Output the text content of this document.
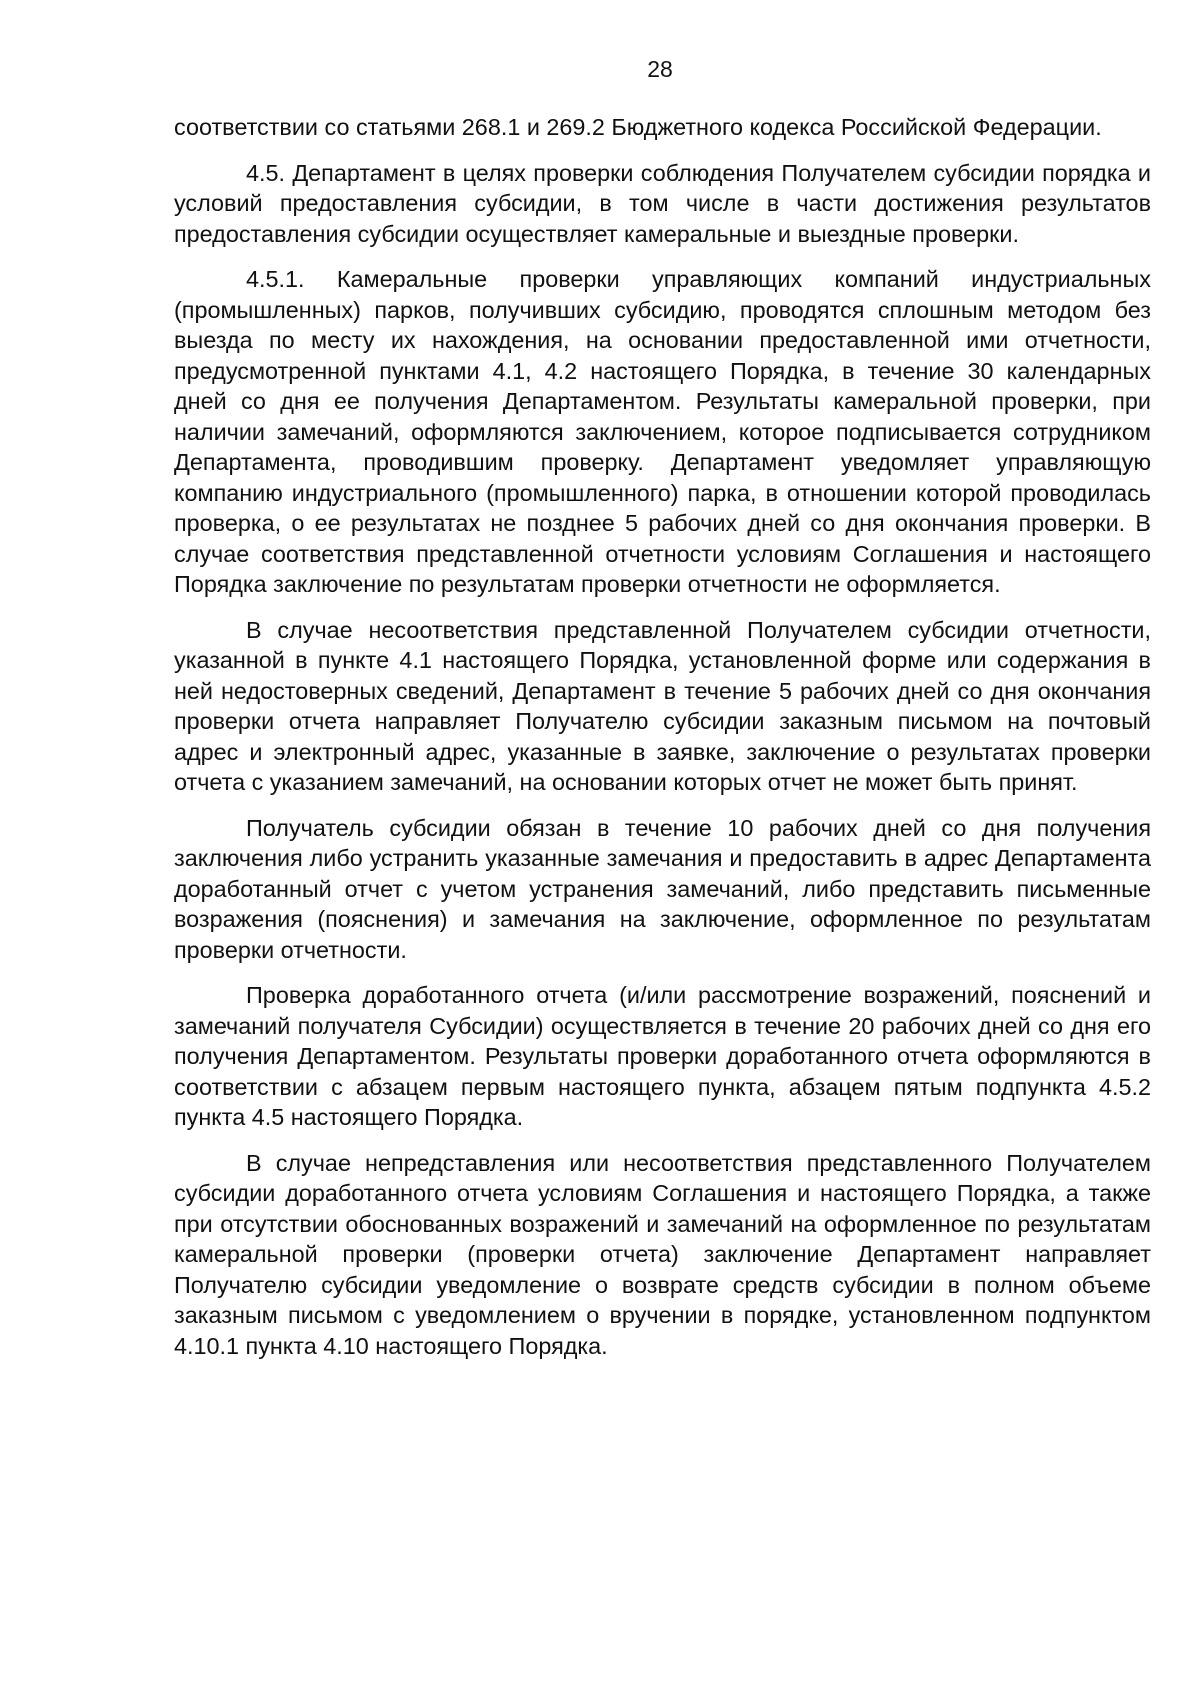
28

соответствии со статьями 268.1 и 269.2 Бюджетного кодекса Российской Федерации.

4.5. Департамент в целях проверки соблюдения Получателем субсидии порядка и условий предоставления субсидии, в том числе в части достижения результатов предоставления субсидии осуществляет камеральные и выездные проверки.

4.5.1. Камеральные проверки управляющих компаний индустриальных (промышленных) парков, получивших субсидию, проводятся сплошным методом без выезда по месту их нахождения, на основании предоставленной ими отчетности, предусмотренной пунктами 4.1, 4.2 настоящего Порядка, в течение 30 календарных дней со дня ее получения Департаментом. Результаты камеральной проверки, при наличии замечаний, оформляются заключением, которое подписывается сотрудником Департамента, проводившим проверку. Департамент уведомляет управляющую компанию индустриального (промышленного) парка, в отношении которой проводилась проверка, о ее результатах не позднее 5 рабочих дней со дня окончания проверки. В случае соответствия представленной отчетности условиям Соглашения и настоящего Порядка заключение по результатам проверки отчетности не оформляется.

В случае несоответствия представленной Получателем субсидии отчетности, указанной в пункте 4.1 настоящего Порядка, установленной форме или содержания в ней недостоверных сведений, Департамент в течение 5 рабочих дней со дня окончания проверки отчета направляет Получателю субсидии заказным письмом на почтовый адрес и электронный адрес, указанные в заявке, заключение о результатах проверки отчета с указанием замечаний, на основании которых отчет не может быть принят.

Получатель субсидии обязан в течение 10 рабочих дней со дня получения заключения либо устранить указанные замечания и предоставить в адрес Департамента доработанный отчет с учетом устранения замечаний, либо представить письменные возражения (пояснения) и замечания на заключение, оформленное по результатам проверки отчетности.

Проверка доработанного отчета (и/или рассмотрение возражений, пояснений и замечаний получателя Субсидии) осуществляется в течение 20 рабочих дней со дня его получения Департаментом. Результаты проверки доработанного отчета оформляются в соответствии с абзацем первым настоящего пункта, абзацем пятым подпункта 4.5.2 пункта 4.5 настоящего Порядка.

В случае непредставления или несоответствия представленного Получателем субсидии доработанного отчета условиям Соглашения и настоящего Порядка, а также при отсутствии обоснованных возражений и замечаний на оформленное по результатам камеральной проверки (проверки отчета) заключение Департамент направляет Получателю субсидии уведомление о возврате средств субсидии в полном объеме заказным письмом с уведомлением о вручении в порядке, установленном подпунктом 4.10.1 пункта 4.10 настоящего Порядка.
